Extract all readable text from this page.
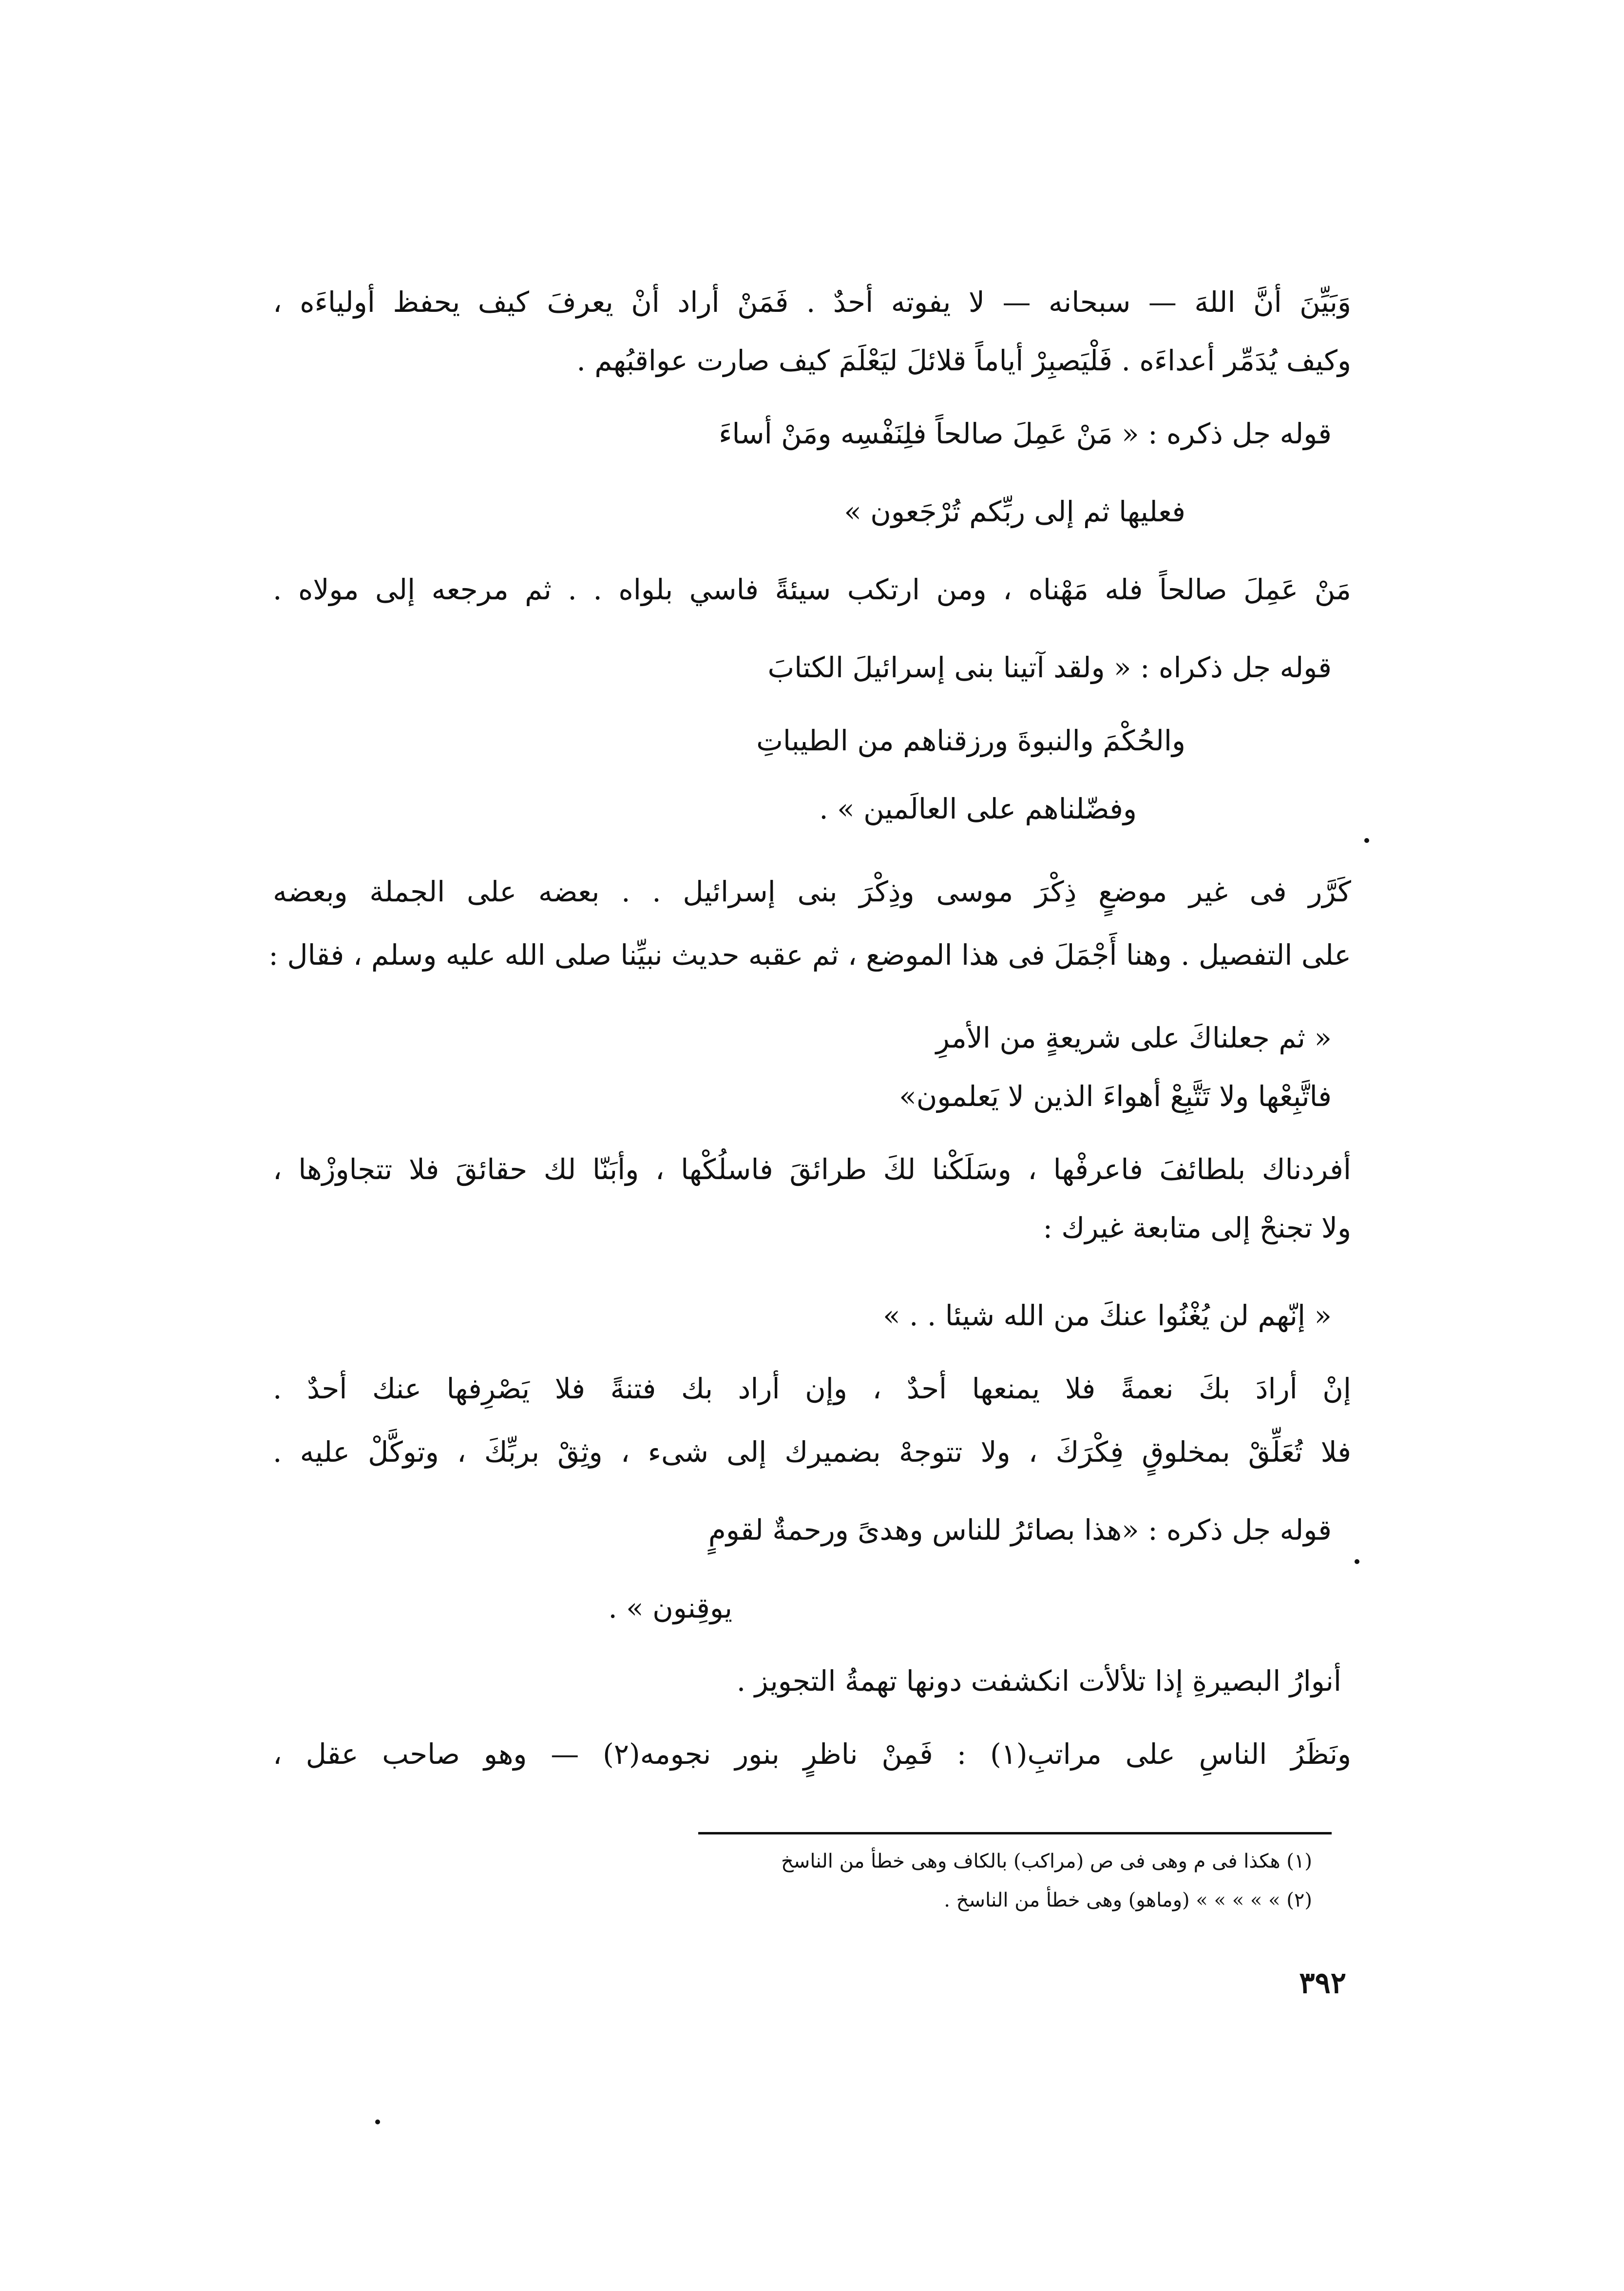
وَبَيِّنَ أنَّ اللهَ — سبحانه — لا يفوته أحدٌ . فَمَنْ أراد أنْ يعرفَ كيف يحفظ أولياءَه ،
وكيف يُدَمِّر أعداءَه . فَلْيَصبِرْ أياماً قلائلَ ليَعْلَمَ كيف صارت عواقبُهم .
قوله جل ذكره : « مَنْ عَمِلَ صالحاً فلِنَفْسِه ومَنْ أساءَ
فعليها ثم إلى ربِّكم تُرْجَعون »
مَنْ عَمِلَ صالحاً فله مَهْناه ، ومن ارتكب سيئةً فاسي بلواه . . ثم مرجعه إلى مولاه .
قوله جل ذكراه : « ولقد آتينا بنى إسرائيلَ الكتابَ
والحُكْمَ والنبوةَ ورزقناهم من الطيباتِ
وفضّلناهم على العالَمين » .
كَرَّر فى غير موضعٍ ذِكْرَ موسى وذِكْرَ بنى إسرائيل . . بعضه على الجملة وبعضه
على التفصيل . وهنا أَجْمَلَ فى هذا الموضع ، ثم عقبه حديث نبيِّنا صلى الله عليه وسلم ، فقال :
« ثم جعلناكَ على شريعةٍ من الأمرِ
فاتَّبِعْها ولا تَتَّبِعْ أهواءَ الذين لا يَعلمون»
أفردناك بلطائفَ فاعرفْها ، وسَلَكْنا لكَ طرائقَ فاسلُكْها ، وأبَنّا لك حقائقَ فلا تتجاوزْها ،
ولا تجنحْ إلى متابعة غيرك :
« إنّهم لن يُغْنُوا عنكَ من الله شيئا . . »
إنْ أرادَ بكَ نعمةً فلا يمنعها أحدٌ ، وإن أراد بك فتنةً فلا يَصْرِفها عنك أحدٌ .
فلا تُعَلِّقْ بمخلوقٍ فِكْرَكَ ، ولا تتوجهْ بضميرك إلى شىء ، وثِقْ بربِّكَ ، وتوكَّلْ عليه .
قوله جل ذكره : «هذا بصائرُ للناس وهدىً ورحمةٌ لقومٍ
يوقِنون » .
أنوارُ البصيرةِ إذا تلألأت انكشفت دونها تهمةُ التجويز .
ونَظَرُ الناسِ على مراتبِ(١) : فَمِنْ ناظرٍ بنور نجومه(٢) — وهو صاحب عقل ،
(١) هكذا فى م وهى فى ص (مراكب) بالكاف وهى خطأ من الناسخ
(٢) » » » » » (وماهو) وهى خطأ من الناسخ .
٣٩٢
